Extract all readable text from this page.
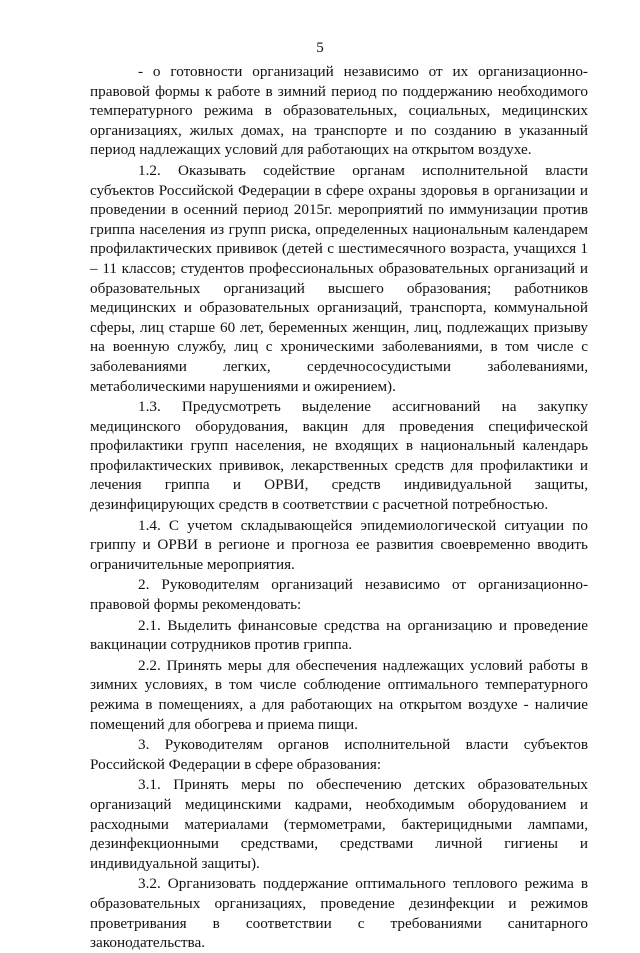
5

- о готовности организаций независимо от их организационно-правовой формы к работе в зимний период по поддержанию необходимого температурного режима в образовательных, социальных, медицинских организациях, жилых домах, на транспорте и по созданию в указанный период надлежащих условий для работающих на открытом воздухе.

1.2. Оказывать содействие органам исполнительной власти субъектов Российской Федерации в сфере охраны здоровья в организации и проведении в осенний период 2015г. мероприятий по иммунизации против гриппа населения из групп риска, определенных национальным календарем профилактических прививок (детей с шестимесячного возраста, учащихся 1 – 11 классов; студентов профессиональных образовательных организаций и образовательных организаций высшего образования; работников медицинских и образовательных организаций, транспорта, коммунальной сферы, лиц старше 60 лет, беременных женщин, лиц, подлежащих призыву на военную службу, лиц с хроническими заболеваниями, в том числе с заболеваниями легких, сердечнососудистыми заболеваниями, метаболическими нарушениями и ожирением).

1.3. Предусмотреть выделение ассигнований на закупку медицинского оборудования, вакцин для проведения специфической профилактики групп населения, не входящих в национальный календарь профилактических прививок, лекарственных средств для профилактики и лечения гриппа и ОРВИ, средств индивидуальной защиты, дезинфицирующих средств в соответствии с расчетной потребностью.

1.4. С учетом складывающейся эпидемиологической ситуации по гриппу и ОРВИ в регионе и прогноза ее развития своевременно вводить ограничительные мероприятия.

2. Руководителям организаций независимо от организационно-правовой формы рекомендовать:

2.1. Выделить финансовые средства на организацию и проведение вакцинации сотрудников против гриппа.

2.2. Принять меры для обеспечения надлежащих условий работы в зимних условиях, в том числе соблюдение оптимального температурного режима в помещениях, а для работающих на открытом воздухе - наличие помещений для обогрева и приема пищи.

3. Руководителям органов исполнительной власти субъектов Российской Федерации в сфере образования:

3.1. Принять меры по обеспечению детских образовательных организаций медицинскими кадрами, необходимым оборудованием и расходными материалами (термометрами, бактерицидными лампами, дезинфекционными средствами, средствами личной гигиены и индивидуальной защиты).

3.2. Организовать поддержание оптимального теплового режима в образовательных организациях, проведение дезинфекции и режимов проветривания в соответствии с требованиями санитарного законодательства.
